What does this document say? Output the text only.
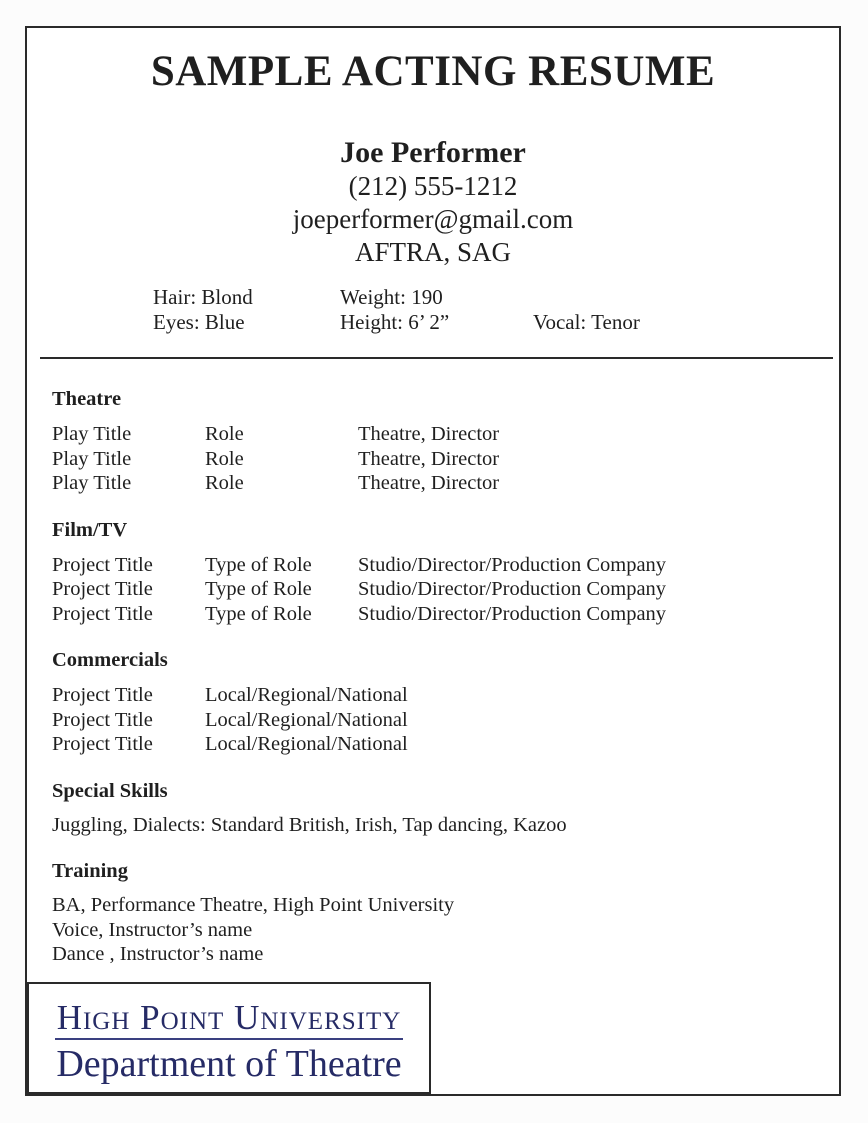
SAMPLE ACTING RESUME
Joe Performer
(212) 555-1212
joeperformer@gmail.com
AFTRA, SAG
Hair: Blond	Weight: 190
Eyes: Blue	Height: 6’ 2”	Vocal: Tenor
Theatre
Play Title	Role	Theatre, Director
Play Title	Role	Theatre, Director
Play Title	Role	Theatre, Director
Film/TV
Project Title	Type of Role	Studio/Director/Production Company
Project Title	Type of Role	Studio/Director/Production Company
Project Title	Type of Role	Studio/Director/Production Company
Commercials
Project Title	Local/Regional/National
Project Title	Local/Regional/National
Project Title	Local/Regional/National
Special Skills
Juggling, Dialects: Standard British, Irish, Tap dancing, Kazoo
Training
BA, Performance Theatre, High Point University
Voice, Instructor’s name
Dance , Instructor’s name
High Point University
Department of Theatre
